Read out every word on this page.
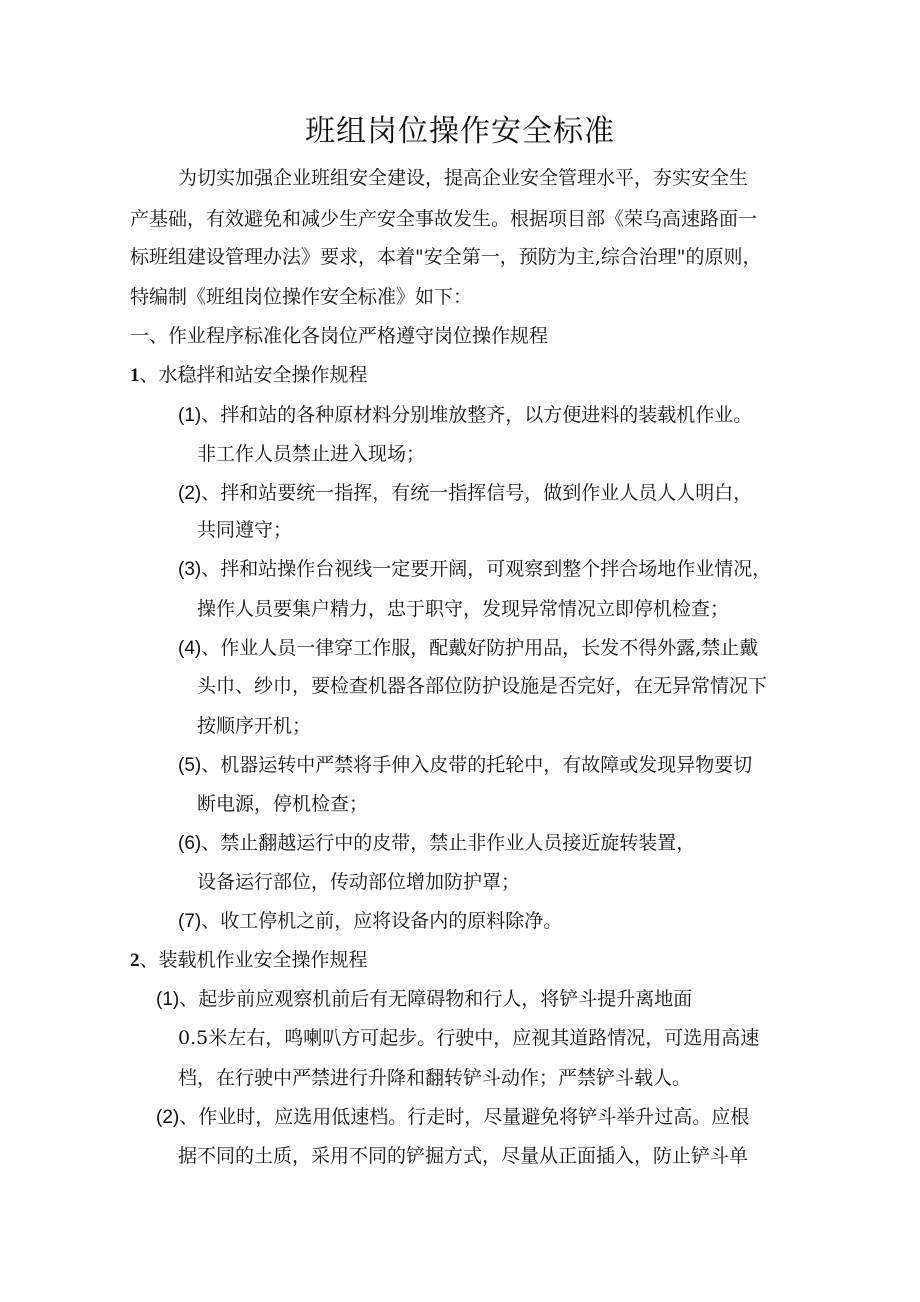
班组岗位操作安全标准

为切实加强企业班组安全建设，提高企业安全管理水平，夯实安全生

产基础，有效避免和减少生产安全事故发生。根据项目部《荣乌高速路面一

标班组建设管理办法》要求，本着"安全第一，预防为主,综合治理"的原则，

特编制《班组岗位操作安全标准》如下：

一、作业程序标准化各岗位严格遵守岗位操作规程

1、水稳拌和站安全操作规程

(1)、拌和站的各种原材料分别堆放整齐，以方便进料的装载机作业。

非工作人员禁止进入现场；

(2)、拌和站要统一指挥，有统一指挥信号，做到作业人员人人明白，

共同遵守；

(3)、拌和站操作台视线一定要开阔，可观察到整个拌合场地作业情况，

操作人员要集户精力，忠于职守，发现异常情况立即停机检查；

(4)、作业人员一律穿工作服，配戴好防护用品，长发不得外露,禁止戴

头巾、纱巾，要检查机器各部位防护设施是否完好，在无异常情况下

按顺序开机；

(5)、机器运转中严禁将手伸入皮带的托轮中，有故障或发现异物要切

断电源，停机检查；

(6)、禁止翻越运行中的皮带，禁止非作业人员接近旋转装置，

设备运行部位，传动部位增加防护罩；

(7)、收工停机之前，应将设备内的原料除净。

2、装载机作业安全操作规程

(1)、起步前应观察机前后有无障碍物和行人，将铲斗提升离地面

0.5米左右，鸣喇叭方可起步。行驶中，应视其道路情况，可选用高速

档，在行驶中严禁进行升降和翻转铲斗动作；严禁铲斗载人。

(2)、作业时，应选用低速档。行走时，尽量避免将铲斗举升过高。应根

据不同的土质，采用不同的铲掘方式，尽量从正面插入，防止铲斗单
